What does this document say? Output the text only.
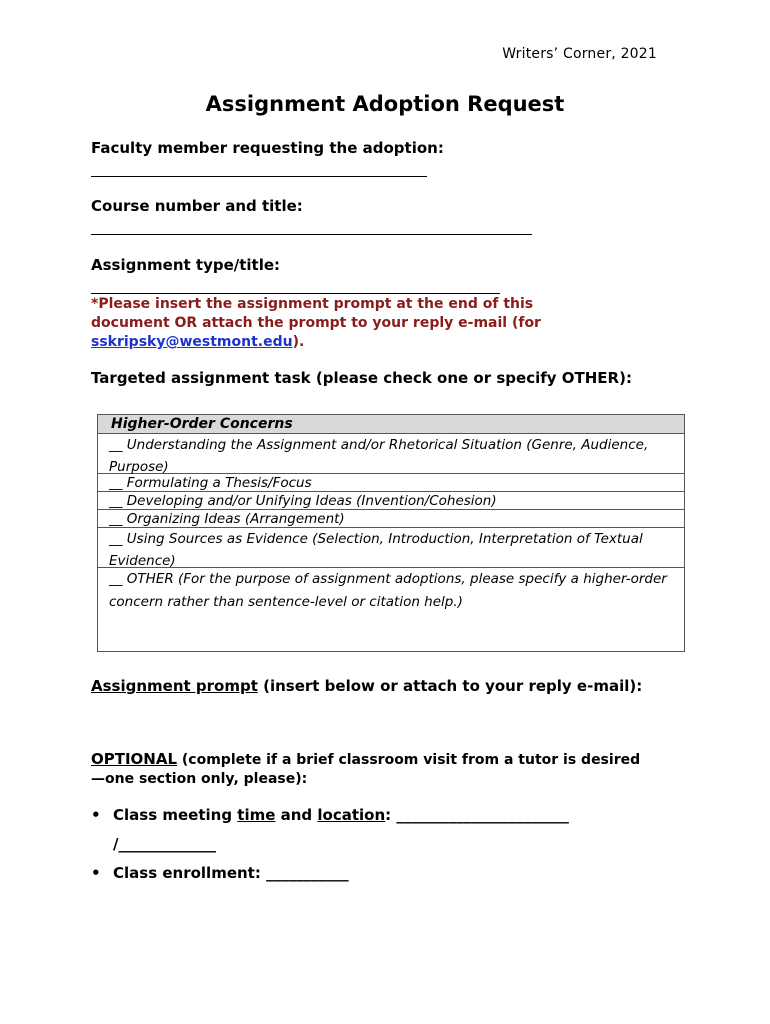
Writers’ Corner, 2021
Assignment Adoption Request
Faculty member requesting the adoption:
Course number and title:
Assignment type/title:
*Please insert the assignment prompt at the end of this document OR attach the prompt to your reply e-mail (for sskripsky@westmont.edu).
Targeted assignment task (please check one or specify OTHER):
Higher-Order Concerns
__ Understanding the Assignment and/or Rhetorical Situation (Genre, Audience, Purpose)
__ Formulating a Thesis/Focus
__ Developing and/or Unifying Ideas (Invention/Cohesion)
__ Organizing Ideas (Arrangement)
__ Using Sources as Evidence (Selection, Introduction, Interpretation of Textual Evidence)
__ OTHER (For the purpose of assignment adoptions, please specify a higher-order concern rather than sentence-level or citation help.)
Assignment prompt (insert below or attach to your reply e-mail):
OPTIONAL (complete if a brief classroom visit from a tutor is desired—one section only, please):
• Class meeting time and location: _______________________
/_____________
• Class enrollment: ___________
